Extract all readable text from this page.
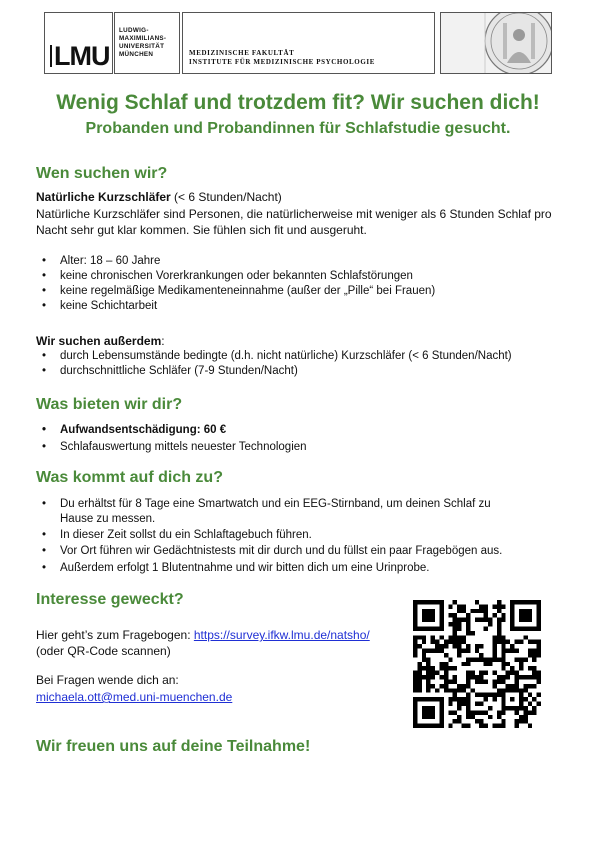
LMU
LUDWIG-
MAXIMILIANS-
UNIVERSITÄT
MÜNCHEN	MEDIZINISCHE FAKULTÄT
INSTITUTE FÜR MEDIZINISCHE PSYCHOLOGIE
Wenig Schlaf und trotzdem fit? Wir suchen dich!
Probanden und Probandinnen für Schlafstudie gesucht.
Wen suchen wir?
Natürliche Kurzschläfer (< 6 Stunden/Nacht)
Natürliche Kurzschläfer sind Personen, die natürlicherweise mit weniger als 6 Stunden Schlaf pro
Nacht sehr gut klar kommen. Sie fühlen sich fit und ausgeruht.
• Alter: 18 – 60 Jahre
• keine chronischen Vorerkrankungen oder bekannten Schlafstörungen
• keine regelmäßige Medikamenteneinnahme (außer der „Pille“ bei Frauen)
• keine Schichtarbeit
Wir suchen außerdem:
• durch Lebensumstände bedingte (d.h. nicht natürliche) Kurzschläfer (< 6 Stunden/Nacht)
• durchschnittliche Schläfer (7-9 Stunden/Nacht)
Was bieten wir dir?
• Aufwandsentschädigung: 60 €
• Schlafauswertung mittels neuester Technologien
Was kommt auf dich zu?
• Du erhältst für 8 Tage eine Smartwatch und ein EEG-Stirnband, um deinen Schlaf zu
Hause zu messen.
• In dieser Zeit sollst du ein Schlaftagebuch führen.
• Vor Ort führen wir Gedächtnistests mit dir durch und du füllst ein paar Fragebögen aus.
• Außerdem erfolgt 1 Blutentnahme und wir bitten dich um eine Urinprobe.
Interesse geweckt?
Hier geht’s zum Fragebogen: https://survey.ifkw.lmu.de/natsho/
(oder QR-Code scannen)
Bei Fragen wende dich an:
michaela.ott@med.uni-muenchen.de
Wir freuen uns auf deine Teilnahme!
